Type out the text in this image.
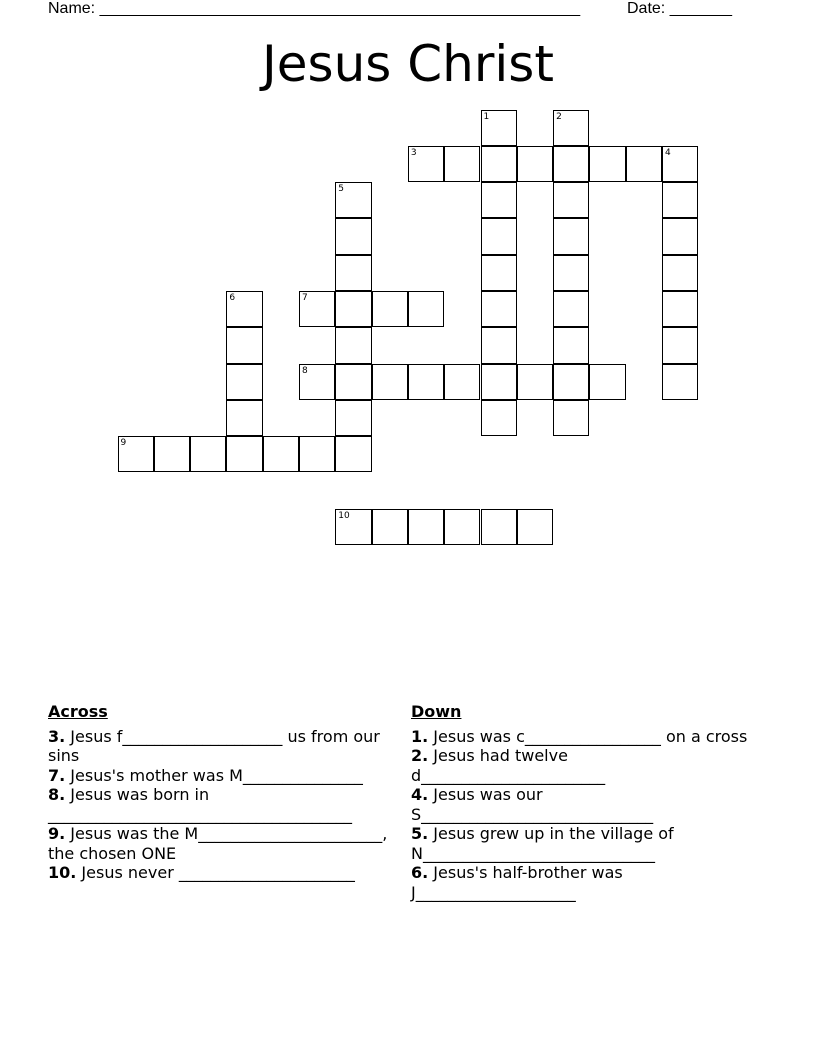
Name: ______________________________________________________	Date: _______
Jesus Christ
1	2
3	4
5
6	7
8
9
10
Across
3. Jesus f____________________ us from our sins
7. Jesus's mother was M_______________
8. Jesus was born in ______________________________________
9. Jesus was the M_______________________, the chosen ONE
10. Jesus never ______________________
Down
1. Jesus was c_________________ on a cross
2. Jesus had twelve d_______________________
4. Jesus was our S_____________________________
5. Jesus grew up in the village of N_____________________________
6. Jesus's half-brother was J____________________
